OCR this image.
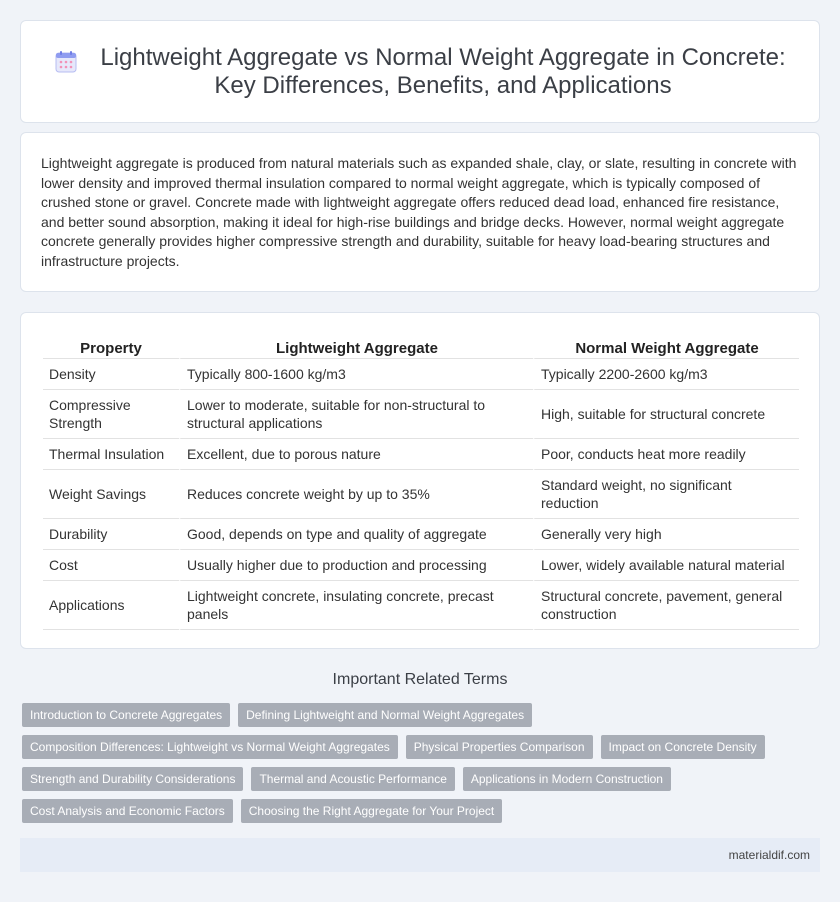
Lightweight Aggregate vs Normal Weight Aggregate in Concrete:
Key Differences, Benefits, and Applications

Lightweight aggregate is produced from natural materials such as expanded shale, clay, or slate, resulting in concrete with lower density and improved thermal insulation compared to normal weight aggregate, which is typically composed of crushed stone or gravel. Concrete made with lightweight aggregate offers reduced dead load, enhanced fire resistance, and better sound absorption, making it ideal for high-rise buildings and bridge decks. However, normal weight aggregate concrete generally provides higher compressive strength and durability, suitable for heavy load-bearing structures and infrastructure projects.

Property	Lightweight Aggregate	Normal Weight Aggregate
Density	Typically 800-1600 kg/m3	Typically 2200-2600 kg/m3
Compressive Strength	Lower to moderate, suitable for non-structural to structural applications	High, suitable for structural concrete
Thermal Insulation	Excellent, due to porous nature	Poor, conducts heat more readily
Weight Savings	Reduces concrete weight by up to 35%	Standard weight, no significant reduction
Durability	Good, depends on type and quality of aggregate	Generally very high
Cost	Usually higher due to production and processing	Lower, widely available natural material
Applications	Lightweight concrete, insulating concrete, precast panels	Structural concrete, pavement, general construction
Important Related Terms
Introduction to Concrete Aggregates	Defining Lightweight and Normal Weight Aggregates
Composition Differences: Lightweight vs Normal Weight Aggregates	Physical Properties Comparison	Impact on Concrete Density
Strength and Durability Considerations	Thermal and Acoustic Performance	Applications in Modern Construction
Cost Analysis and Economic Factors	Choosing the Right Aggregate for Your Project
materialdif.com
